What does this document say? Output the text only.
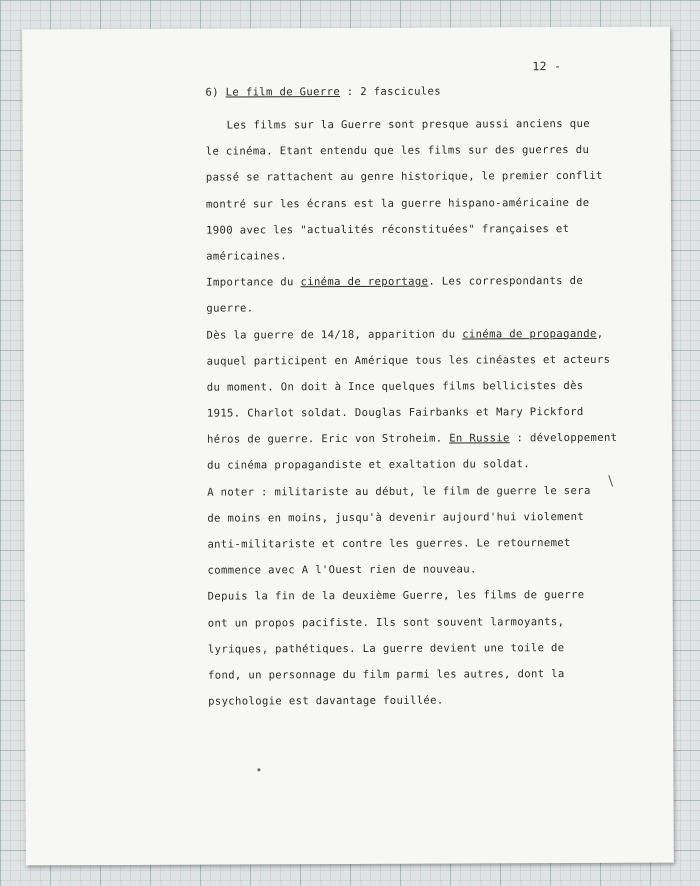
12 -
6) Le film de Guerre : 2 fascicules
Les films sur la Guerre sont presque aussi anciens que
le cinéma. Etant entendu que les films sur des guerres du
passé se rattachent au genre historique, le premier conflit
montré sur les écrans est la guerre hispano-américaine de
1900 avec les "actualités réconstituées" françaises et
américaines.
Importance du cinéma de reportage. Les correspondants de
guerre.
Dès la guerre de 14/18, apparition du cinéma de propagande,
auquel participent en Amérique tous les cinéastes et acteurs
du moment. On doit à Ince quelques films bellicistes dès
1915. Charlot soldat. Douglas Fairbanks et Mary Pickford
héros de guerre. Eric von Stroheim. En Russie : développement
du cinéma propagandiste et exaltation du soldat.
A noter : militariste au début, le film de guerre le sera
de moins en moins, jusqu'à devenir aujourd'hui violement
anti-militariste et contre les guerres. Le retournemet
commence avec A l'Ouest rien de nouveau.
Depuis la fin de la deuxième Guerre, les films de guerre
ont un propos pacifiste. Ils sont souvent larmoyants,
lyriques, pathétiques. La guerre devient une toile de
fond, un personnage du film parmi les autres, dont la
psychologie est davantage fouillée.
